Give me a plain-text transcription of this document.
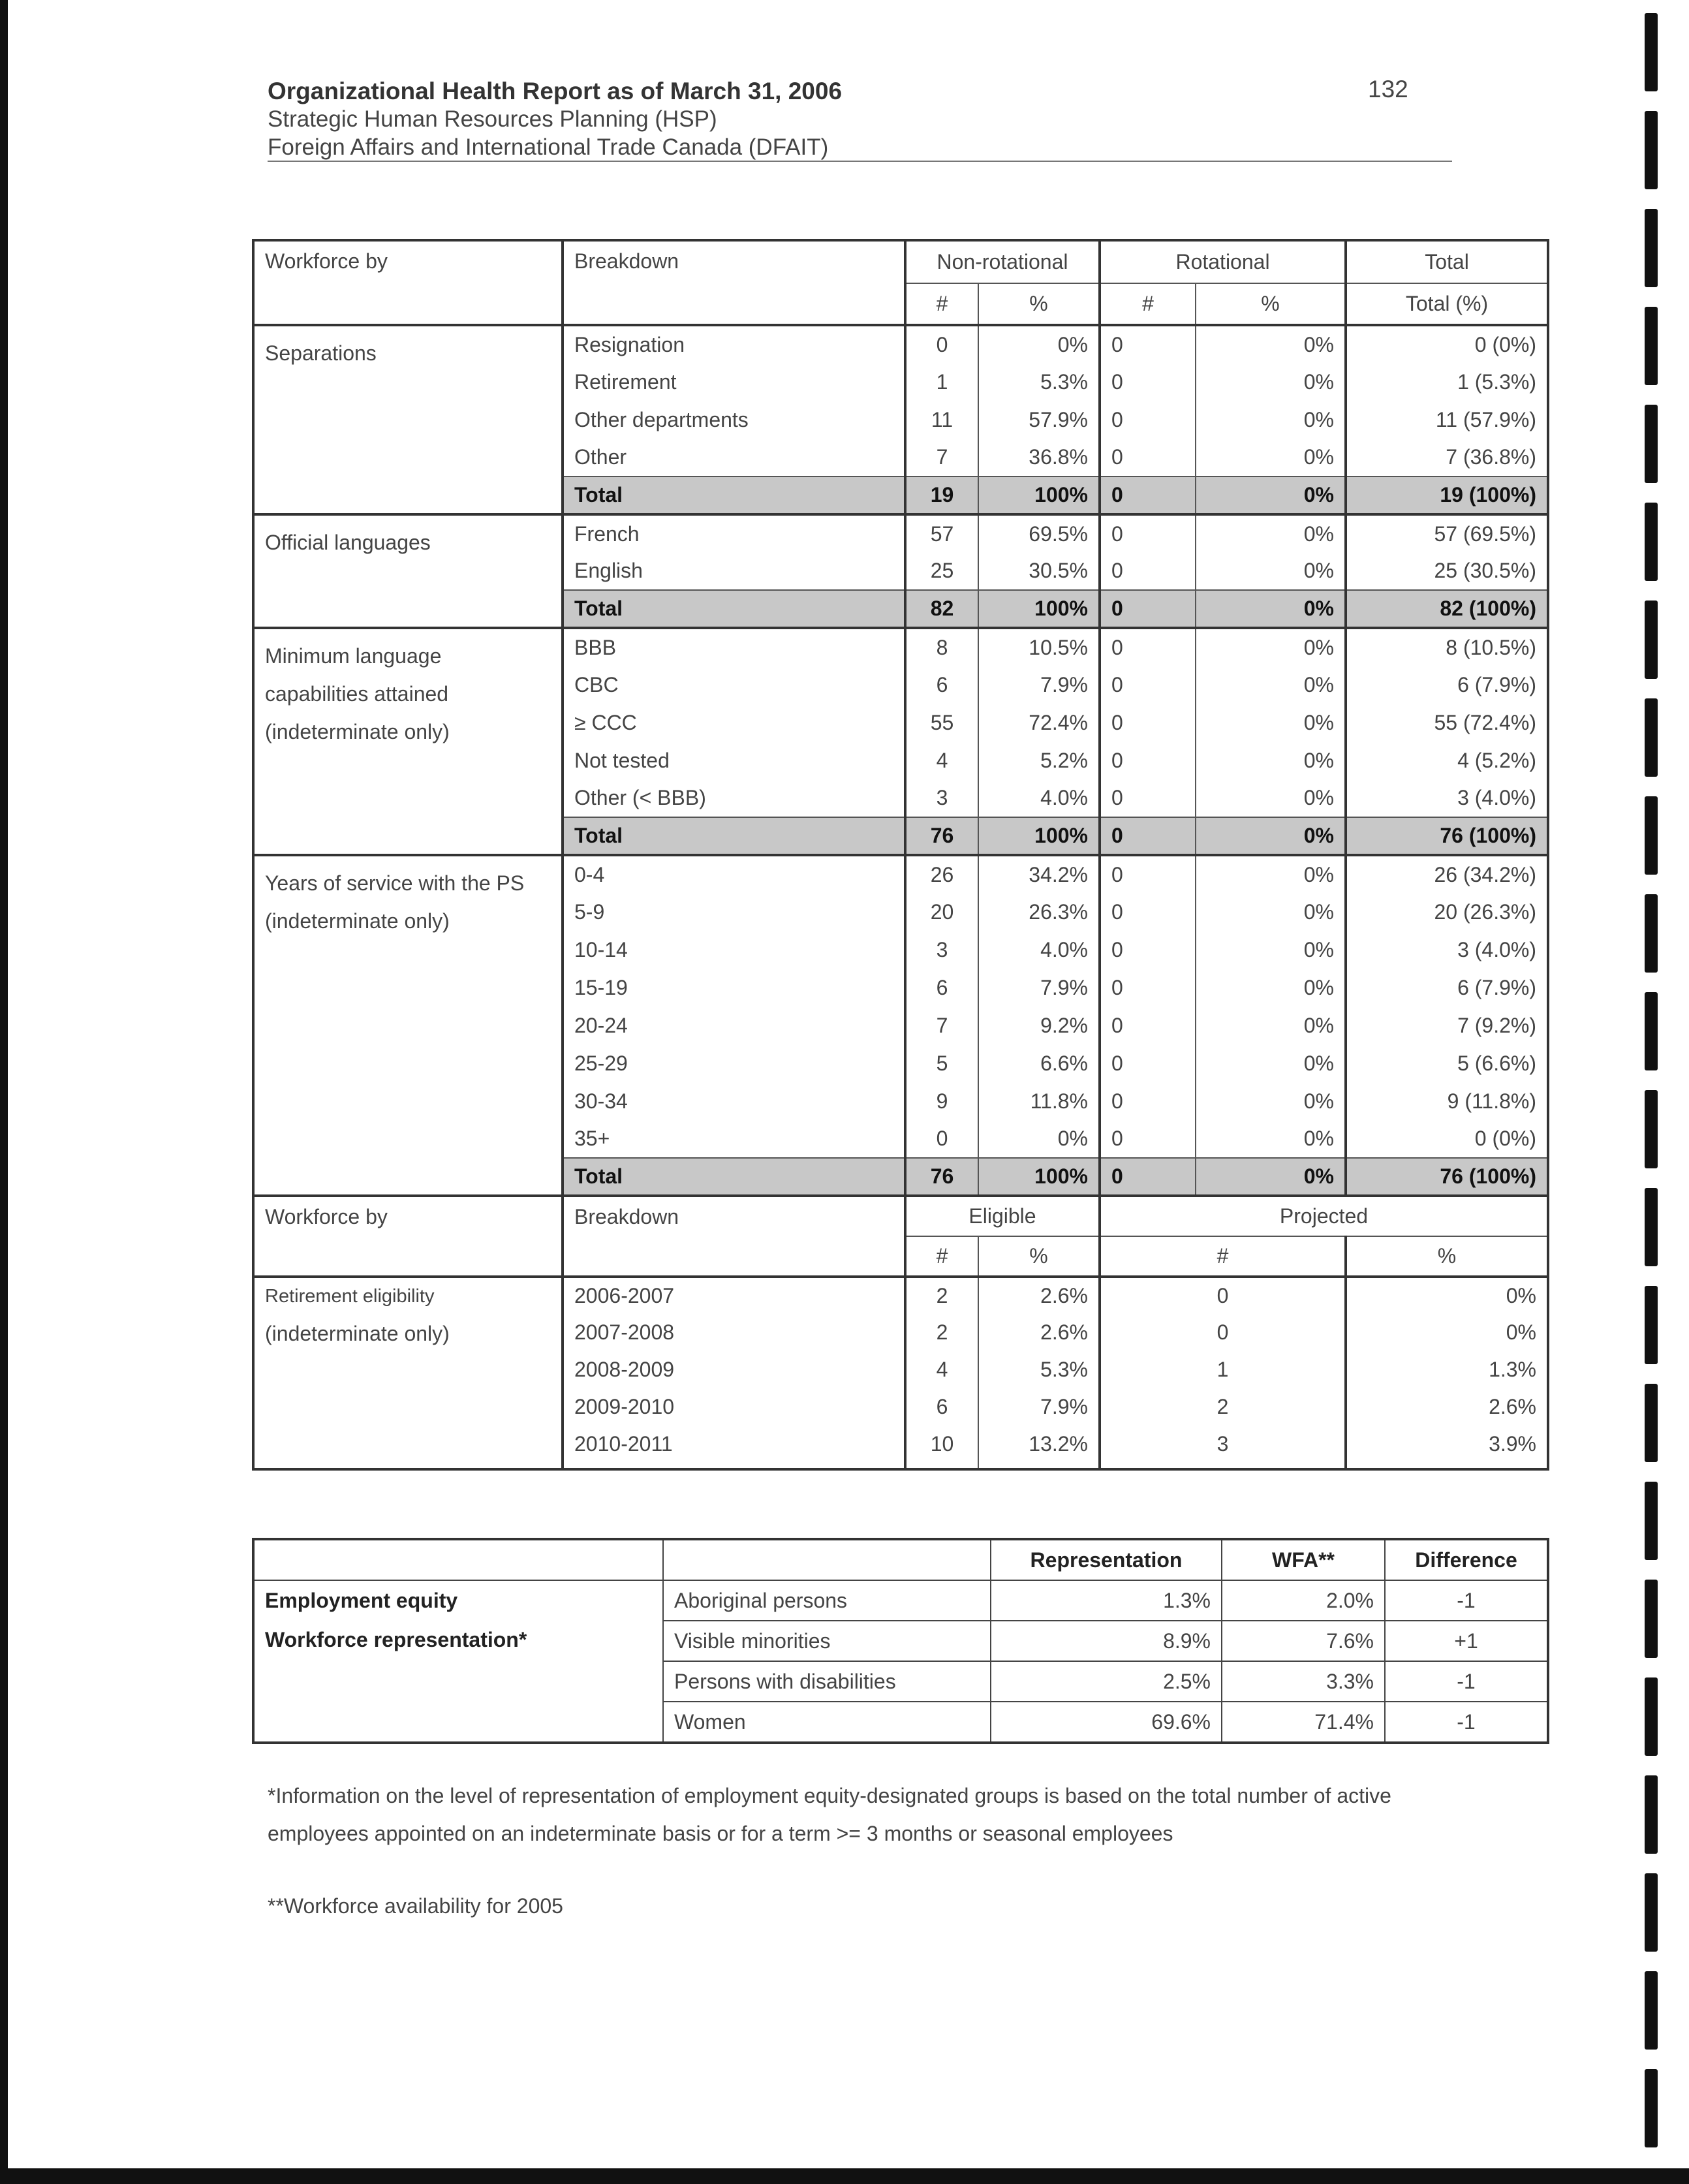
Organizational Health Report as of March 31, 2006
Strategic Human Resources Planning (HSP)
Foreign Affairs and International Trade Canada (DFAIT)
132
Workforce by	Breakdown	Non-rotational		Rotational		Total
		#	%	#	%	Total (%)

Separations	Resignation	0	0%	0	0%	0 (0%)
	Retirement	1	5.3%	0	0%	1 (5.3%)
	Other departments	11	57.9%	0	0%	11 (57.9%)
	Other	7	36.8%	0	0%	7 (36.8%)
	Total	19	100%	0	0%	19 (100%)

Official languages	French	57	69.5%	0	0%	57 (69.5%)
	English	25	30.5%	0	0%	25 (30.5%)
	Total	82	100%	0	0%	82 (100%)

Minimum language
capabilities attained
(indeterminate only)	BBB	8	10.5%	0	0%	8 (10.5%)
	CBC	6	7.9%	0	0%	6 (7.9%)
	≥ CCC	55	72.4%	0	0%	55 (72.4%)
	Not tested	4	5.2%	0	0%	4 (5.2%)
	Other (< BBB)	3	4.0%	0	0%	3 (4.0%)
	Total	76	100%	0	0%	76 (100%)

Years of service with the PS
(indeterminate only)	0-4	26	34.2%	0	0%	26 (34.2%)
	5-9	20	26.3%	0	0%	20 (26.3%)
	10-14	3	4.0%	0	0%	3 (4.0%)
	15-19	6	7.9%	0	0%	6 (7.9%)
	20-24	7	9.2%	0	0%	7 (9.2%)
	25-29	5	6.6%	0	0%	5 (6.6%)
	30-34	9	11.8%	0	0%	9 (11.8%)
	35+	0	0%	0	0%	0 (0%)
	Total	76	100%	0	0%	76 (100%)
Workforce by	Breakdown	Eligible		Projected		
		#	%	#		%

Retirement eligibility
(indeterminate only)	2006-2007	2	2.6%	0		0%
	2007-2008	2	2.6%	0		0%
	2008-2009	4	5.3%	1		1.3%
	2009-2010	6	7.9%	2		2.6%
	2010-2011	10	13.2%	3		3.9%

		Representation	WFA**	Difference

Employment equity
Workforce representation*	Aboriginal persons	1.3%	2.0%	-1
	Visible minorities	8.9%	7.6%	+1
	Persons with disabilities	2.5%	3.3%	-1
	Women	69.6%	71.4%	-1
*Information on the level of representation of employment equity-designated groups is based on the total number of active employees appointed on an indeterminate basis or for a term >= 3 months or seasonal employees
**Workforce availability for 2005
